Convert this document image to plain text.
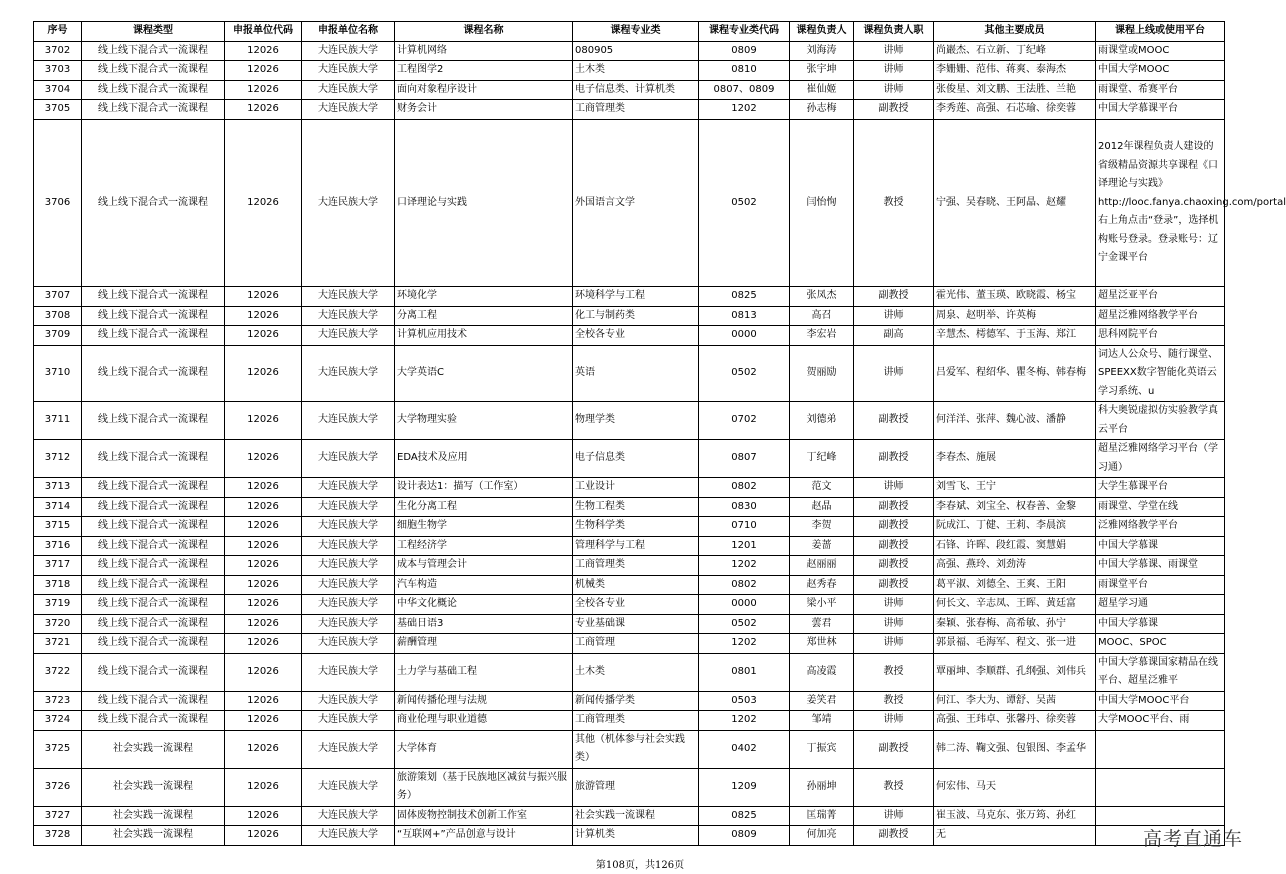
序号	课程类型	申报单位代码	申报单位名称	课程名称	课程专业类	课程专业类代码	课程负责人	课程负责人职	其他主要成员	课程上线或使用平台
3702	线上线下混合式一流课程	12026	大连民族大学	计算机网络	080905	0809	刘海涛	讲师	尚巖杰、石立新、丁纪峰	雨课堂或MOOC
3703	线上线下混合式一流课程	12026	大连民族大学	工程图学2	土木类	0810	张宇坤	讲师	李姗姗、范伟、蒋爽、泰海杰	中国大学MOOC
3704	线上线下混合式一流课程	12026	大连民族大学	面向对象程序设计	电子信息类、计算机类	0807、0809	崔仙姬	讲师	张俊星、刘文鹏、王法胜、兰艳	雨课堂、希赛平台
3705	线上线下混合式一流课程	12026	大连民族大学	财务会计	工商管理类	1202	孙志梅	副教授	李秀莲、高强、石芯瑜、徐奕蓉	中国大学慕课平台
3706	线上线下混合式一流课程	12026	大连民族大学	口译理论与实践	外国语言文学	0502	闫怡恂	教授	宁强、吴春晓、王阿晶、赵耀	2012年课程负责人建设的省级精品资源共享课程《口译理论与实践》http://looc.fanya.chaoxing.com/portal 右上角点击“登录”，选择机构账号登录。登录账号：辽宁金课平台
3707	线上线下混合式一流课程	12026	大连民族大学	环境化学	环境科学与工程	0825	张凤杰	副教授	霍光伟、董玉瑛、欧晓霞、杨宝	超星泛亚平台
3708	线上线下混合式一流课程	12026	大连民族大学	分离工程	化工与制药类	0813	高召	讲师	周泉、赵明举、许英梅	超星泛雅网络教学平台
3709	线上线下混合式一流课程	12026	大连民族大学	计算机应用技术	全校各专业	0000	李宏岩	副高	辛慧杰、樗德军、于玉海、郑江	思科网院平台
3710	线上线下混合式一流课程	12026	大连民族大学	大学英语C	英语	0502	贺丽励	讲师	吕爱军、程绍华、瞿冬梅、韩春梅	词达人公众号、随行课堂、SPEEXX数字智能化英语云学习系统、u
3711	线上线下混合式一流课程	12026	大连民族大学	大学物理实验	物理学类	0702	刘德弟	副教授	何洋洋、张萍、魏心波、潘静	科大奥锐虚拟仿实验教学真云平台
3712	线上线下混合式一流课程	12026	大连民族大学	EDA技术及应用	电子信息类	0807	丁纪峰	副教授	李春杰、施展	超星泛雅网络学习平台（学习通）
3713	线上线下混合式一流课程	12026	大连民族大学	设计表达1：描写（工作室）	工业设计	0802	范文	讲师	刘雪飞、王宁	大学生慕课平台
3714	线上线下混合式一流课程	12026	大连民族大学	生化分离工程	生物工程类	0830	赵晶	副教授	李春斌、刘宝全、权春善、金黎	雨课堂、学堂在线
3715	线上线下混合式一流课程	12026	大连民族大学	细胞生物学	生物科学类	0710	李贺	副教授	阮成江、丁健、王莉、李晨滨	泛雅网络教学平台
3716	线上线下混合式一流课程	12026	大连民族大学	工程经济学	管理科学与工程	1201	姜蔷	副教授	石锋、许晖、段红霞、窦慧娟	中国大学慕课
3717	线上线下混合式一流课程	12026	大连民族大学	成本与管理会计	工商管理类	1202	赵丽丽	副教授	高强、燕玲、刘劲涛	中国大学慕课、雨课堂
3718	线上线下混合式一流课程	12026	大连民族大学	汽车构造	机械类	0802	赵秀春	副教授	葛平淑、刘德全、王爽、王阳	雨课堂平台
3719	线上线下混合式一流课程	12026	大连民族大学	中华文化概论	全校各专业	0000	梁小平	讲师	何长文、辛志凤、王晖、黄廷富	超星学习通
3720	线上线下混合式一流课程	12026	大连民族大学	基础日语3	专业基础课	0502	蕓君	讲师	秦颖、张春梅、高希敏、孙宁	中国大学慕课
3721	线上线下混合式一流课程	12026	大连民族大学	薪酬管理	工商管理	1202	郑世林	讲师	郭景福、毛海军、程文、张一进	MOOC、SPOC
3722	线上线下混合式一流课程	12026	大连民族大学	土力学与基础工程	土木类	0801	高凌霞	教授	覃丽坤、李顺群、孔纲强、刘伟兵	中国大学慕课国家精品在线平台、超星泛雅平
3723	线上线下混合式一流课程	12026	大连民族大学	新闻传播伦理与法规	新闻传播学类	0503	姜笑君	教授	何江、李大为、谭舒、吴茜	中国大学MOOC平台
3724	线上线下混合式一流课程	12026	大连民族大学	商业伦理与职业道德	工商管理类	1202	邹靖	讲师	高强、王玮卓、张馨丹、徐奕蓉	大学MOOC平台、雨
3725	社会实践一流课程	12026	大连民族大学	大学体育	其他（机体参与社会实践类）	0402	丁振宾	副教授	韩二涛、鞠文强、包银图、李孟华	
3726	社会实践一流课程	12026	大连民族大学	旅游策划（基于民族地区减贫与振兴服务）	旅游管理	1209	孙丽坤	教授	何宏伟、马天	
3727	社会实践一流课程	12026	大连民族大学	固体废物控制技术创新工作室	社会实践一流课程	0825	匡瑞菁	讲师	崔玉波、马克东、张万筠、孙红	
3728	社会实践一流课程	12026	大连民族大学	“互联网+”产品创意与设计	计算机类	0809	何加亮	副教授	无		高考直通车
第108页，共126页
